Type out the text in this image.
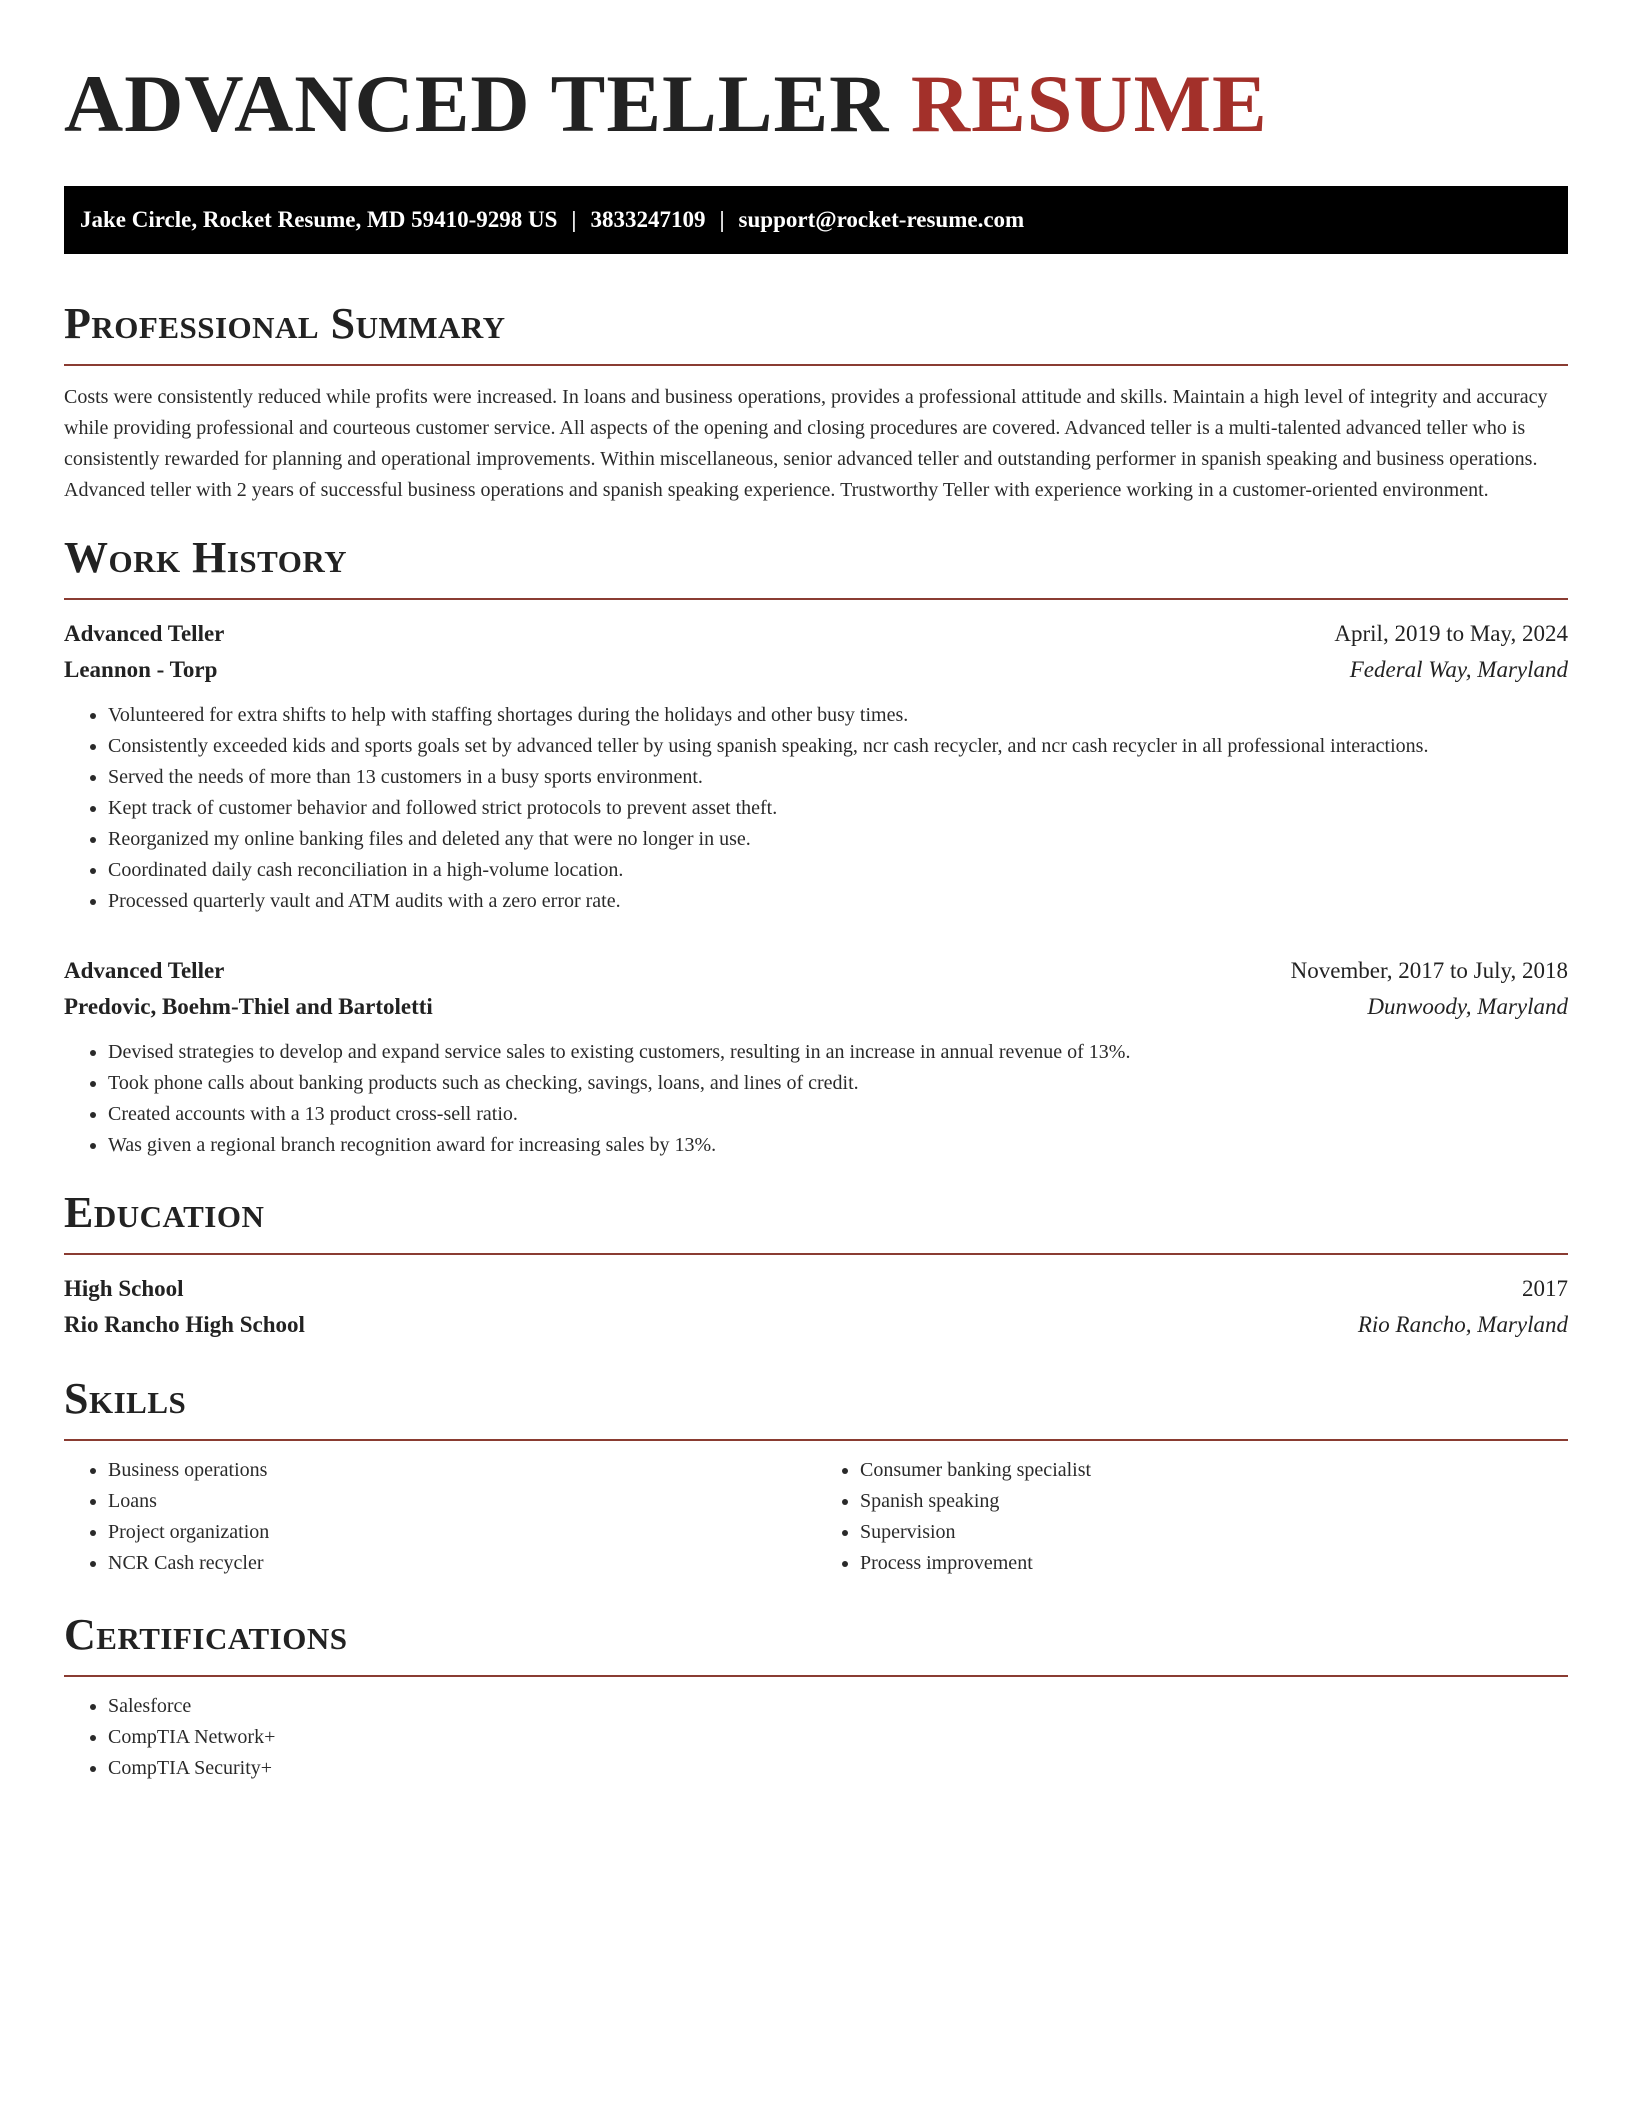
ADVANCED TELLER RESUME
Jake Circle, Rocket Resume, MD 59410-9298 US | 3833247109 | support@rocket-resume.com
Professional Summary

Costs were consistently reduced while profits were increased. In loans and business operations, provides a professional attitude and skills. Maintain a high level of integrity and accuracy while providing professional and courteous customer service. All aspects of the opening and closing procedures are covered. Advanced teller is a multi-talented advanced teller who is consistently rewarded for planning and operational improvements. Within miscellaneous, senior advanced teller and outstanding performer in spanish speaking and business operations. Advanced teller with 2 years of successful business operations and spanish speaking experience. Trustworthy Teller with experience working in a customer-oriented environment.

Work History
Advanced Teller	April, 2019 to May, 2024
Leannon - Torp	Federal Way, Maryland
• Volunteered for extra shifts to help with staffing shortages during the holidays and other busy times.
• Consistently exceeded kids and sports goals set by advanced teller by using spanish speaking, ncr cash recycler, and ncr cash recycler in all professional interactions.
• Served the needs of more than 13 customers in a busy sports environment.
• Kept track of customer behavior and followed strict protocols to prevent asset theft.
• Reorganized my online banking files and deleted any that were no longer in use.
• Coordinated daily cash reconciliation in a high-volume location.
• Processed quarterly vault and ATM audits with a zero error rate.
Advanced Teller	November, 2017 to July, 2018
Predovic, Boehm-Thiel and Bartoletti	Dunwoody, Maryland
• Devised strategies to develop and expand service sales to existing customers, resulting in an increase in annual revenue of 13%.
• Took phone calls about banking products such as checking, savings, loans, and lines of credit.
• Created accounts with a 13 product cross-sell ratio.
• Was given a regional branch recognition award for increasing sales by 13%.
Education
High School	2017
Rio Rancho High School	Rio Rancho, Maryland
Skills
• Business operations
• Loans
• Project organization
• NCR Cash recycler
• Consumer banking specialist
• Spanish speaking
• Supervision
• Process improvement
Certifications
• Salesforce
• CompTIA Network+
• CompTIA Security+
